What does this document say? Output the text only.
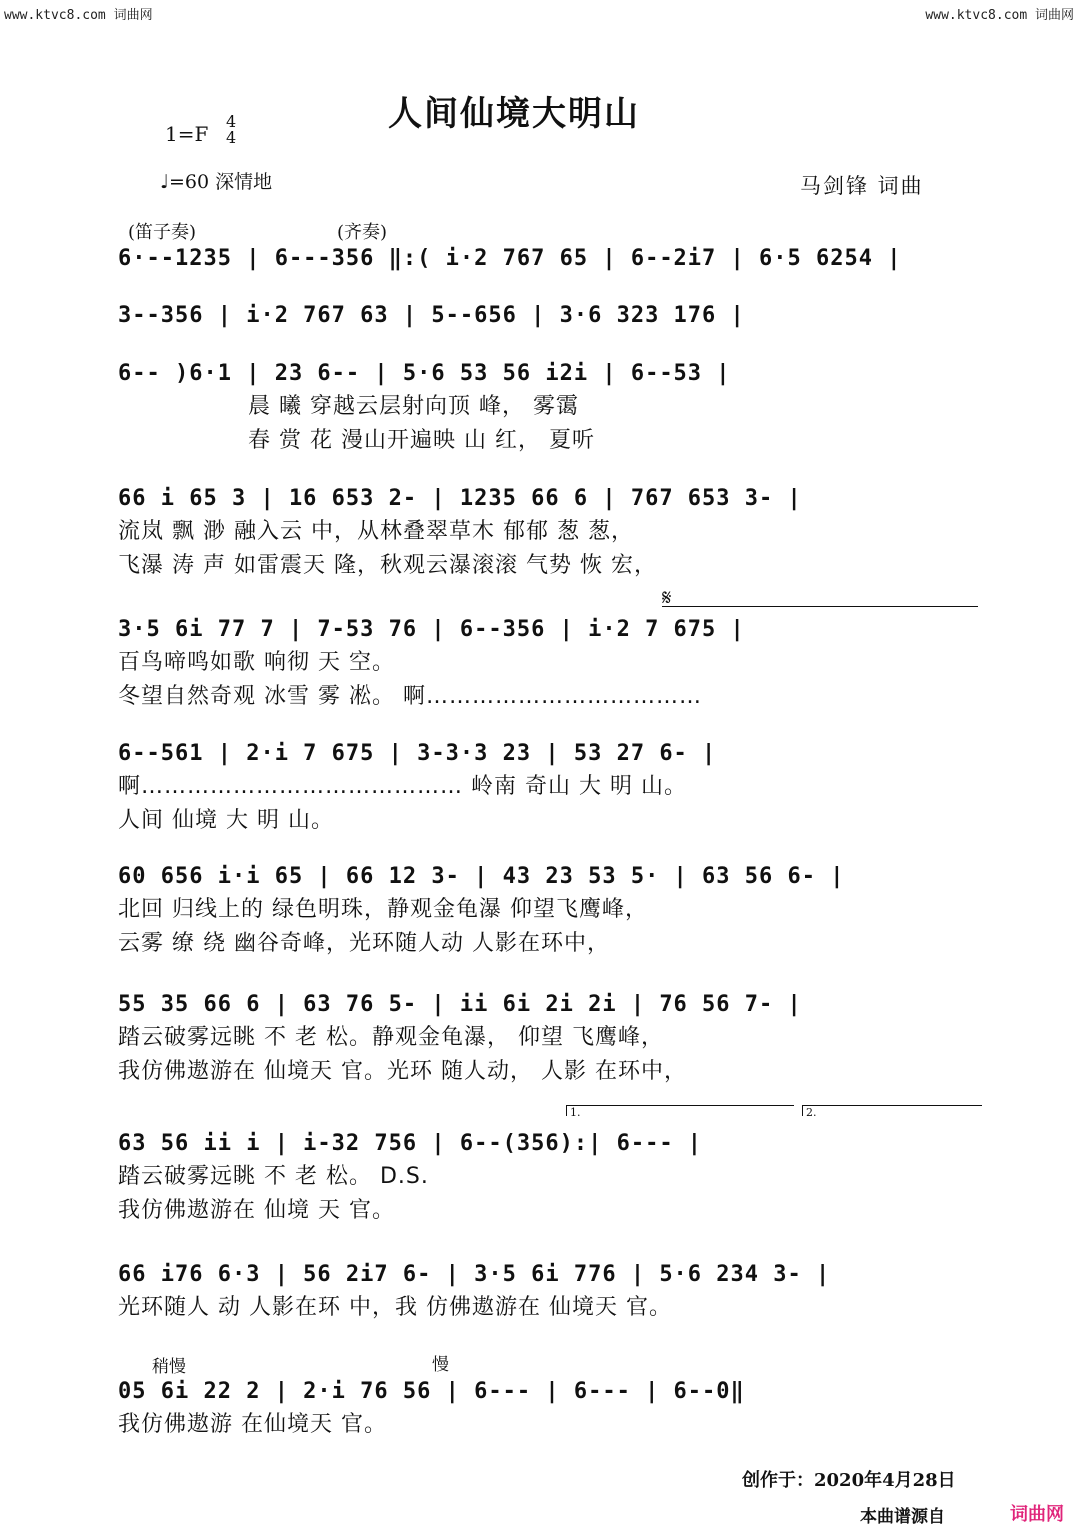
www.ktvc8.com 词曲网	www.ktvc8.com 词曲网
人间仙境大明山
1=F
4
4
♩=60 深情地	马剑锋 词曲
(笛子奏)	(齐奏)
6·--1235 | 6---356 ‖:( i·2 767 65 | 6--2i7 | 6·5 6254 |
3--356 | i·2 767 63 | 5--656 | 3·6 323 176 |
6-- )6·1 | 23 6-- | 5·6 53 56 i2i | 6--53 |
晨 曦 穿越云层射向顶 峰， 雾霭
春 赏 花 漫山开遍映 山 红， 夏听
66 i 65 3 | 16 653 2- | 1235 66 6 | 767 653 3- |
流岚 飘 渺 融入云 中，从林叠翠草木 郁郁 葱 葱，
飞瀑 涛 声 如雷震天 隆，秋观云瀑滚滚 气势 恢 宏，
𝄋
3·5 6i 77 7 | 7-53 76 | 6--356 | i·2 7 675 |
百鸟啼鸣如歌 响彻 天 空。
冬望自然奇观 冰雪 雾 凇。 啊………………………………
6--561 | 2·i 7 675 | 3-3·3 23 | 53 27 6- |
啊…………………………………… 岭南 奇山 大 明 山。
人间 仙境 大 明 山。
60 656 i·i 65 | 66 12 3- | 43 23 53 5· | 63 56 6- |
北回 归线上的 绿色明珠，静观金龟瀑 仰望飞鹰峰，
云雾 缭 绕 幽谷奇峰，光环随人动 人影在环中，
55 35 66 6 | 63 76 5- | ii 6i 2i 2i | 76 56 7- |
踏云破雾远眺 不 老 松。静观金龟瀑， 仰望 飞鹰峰，
我仿佛遨游在 仙境天 官。光环 随人动， 人影 在环中，
1.	2.
63 56 ii i | i-32 756 | 6--(356):| 6--- |
踏云破雾远眺 不 老 松。 D.S.
我仿佛遨游在 仙境 天 官。
66 i76 6·3 | 56 2i7 6- | 3·5 6i 776 | 5·6 234 3- |
光环随人 动 人影在环 中，我 仿佛遨游在 仙境天 官。
稍慢	慢
05 6i 22 2 | 2·i 76 56 | 6--- | 6--- | 6--0‖
我仿佛遨游 在仙境天 官。
创作于：2020年4月28日
本曲谱源自	词曲网
